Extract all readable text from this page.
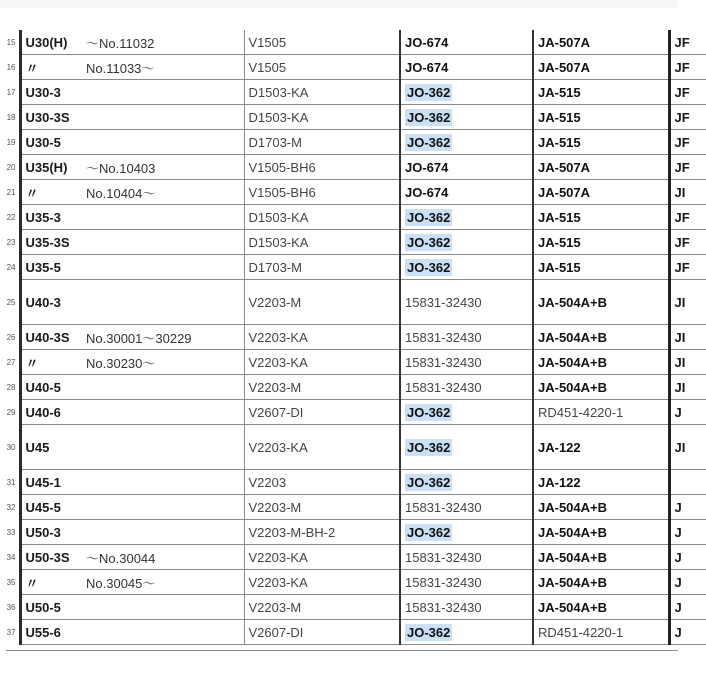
15	U30(H)	～No.11032	V1505	JO-674	JA-507A	JF
16	〃	No.11033～	V1505	JO-674	JA-507A	JF
17	U30-3		D1503-KA	JO-362	JA-515	JF
18	U30-3S		D1503-KA	JO-362	JA-515	JF
19	U30-5		D1703-M	JO-362	JA-515	JF
20	U35(H)	～No.10403	V1505-BH6	JO-674	JA-507A	JF
21	〃	No.10404～	V1505-BH6	JO-674	JA-507A	JI
22	U35-3		D1503-KA	JO-362	JA-515	JF
23	U35-3S		D1503-KA	JO-362	JA-515	JF
24	U35-5		D1703-M	JO-362	JA-515	JF
25	U40-3		V2203-M	15831-32430	JA-504A+B	JI
26	U40-3S	No.30001～30229	V2203-KA	15831-32430	JA-504A+B	JI
27	〃	No.30230～	V2203-KA	15831-32430	JA-504A+B	JI
28	U40-5		V2203-M	15831-32430	JA-504A+B	JI
29	U40-6		V2607-DI	JO-362	RD451-4220-1	J
30	U45		V2203-KA	JO-362	JA-122	JI
31	U45-1		V2203	JO-362	JA-122	
32	U45-5		V2203-M	15831-32430	JA-504A+B	J
33	U50-3		V2203-M-BH-2	JO-362	JA-504A+B	J
34	U50-3S	～No.30044	V2203-KA	15831-32430	JA-504A+B	J
35	〃	No.30045～	V2203-KA	15831-32430	JA-504A+B	J
36	U50-5		V2203-M	15831-32430	JA-504A+B	J
37	U55-6		V2607-DI	JO-362	RD451-4220-1	J
